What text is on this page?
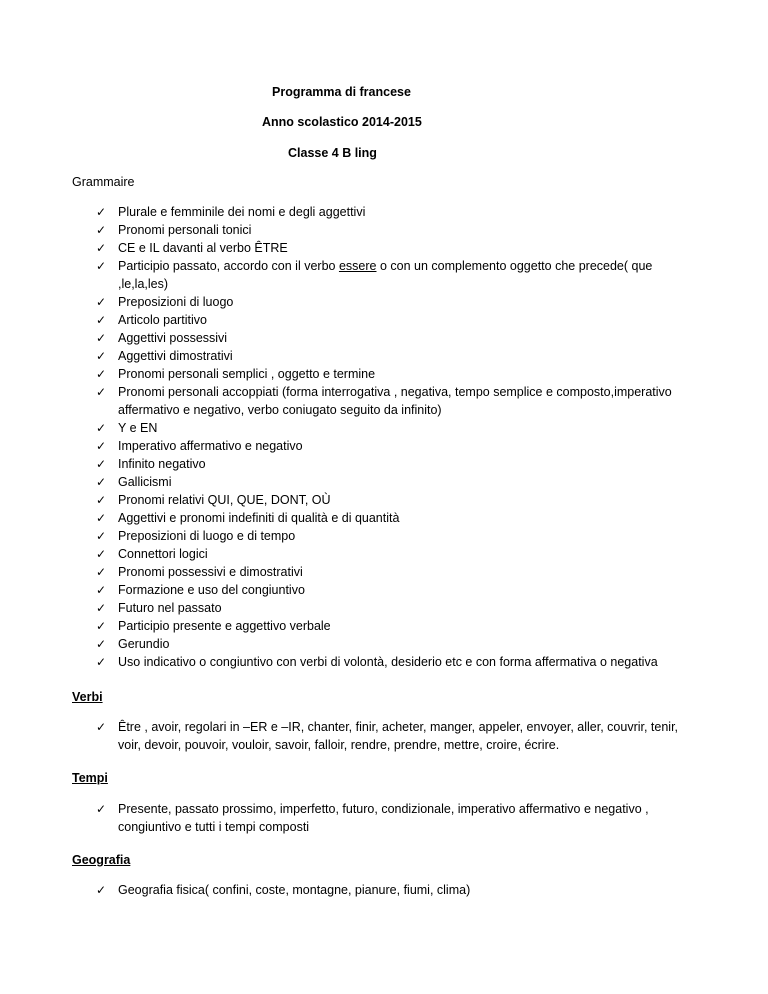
Programma di francese
Anno scolastico 2014-2015
Classe 4 B ling
Grammaire
✓ Plurale e femminile dei nomi e degli aggettivi
✓ Pronomi personali tonici
✓ CE e IL davanti al verbo ÊTRE
✓ Participio passato, accordo con il verbo essere o con un complemento oggetto che precede( que ,le,la,les)
✓ Preposizioni di luogo
✓ Articolo partitivo
✓ Aggettivi possessivi
✓ Aggettivi dimostrativi
✓ Pronomi personali semplici , oggetto e termine
✓ Pronomi personali accoppiati (forma interrogativa , negativa, tempo semplice e composto,imperativo affermativo e negativo, verbo coniugato seguito da infinito)
✓ Y e EN
✓ Imperativo affermativo e negativo
✓ Infinito negativo
✓ Gallicismi
✓ Pronomi relativi QUI, QUE, DONT, OÙ
✓ Aggettivi e pronomi indefiniti di qualità e di quantità
✓ Preposizioni di luogo e di tempo
✓ Connettori logici
✓ Pronomi possessivi e dimostrativi
✓ Formazione e uso del congiuntivo
✓ Futuro nel passato
✓ Participio presente e aggettivo verbale
✓ Gerundio
✓ Uso indicativo o congiuntivo con verbi di volontà, desiderio etc e con forma affermativa o negativa
Verbi
✓ Être , avoir, regolari in –ER e –IR, chanter, finir, acheter, manger, appeler, envoyer, aller, couvrir, tenir, voir, devoir, pouvoir, vouloir, savoir, falloir, rendre, prendre, mettre, croire, écrire.
Tempi
✓ Presente, passato prossimo, imperfetto, futuro, condizionale, imperativo affermativo e negativo , congiuntivo e tutti i tempi composti
Geografia
✓ Geografia fisica( confini, coste, montagne, pianure, fiumi, clima)
